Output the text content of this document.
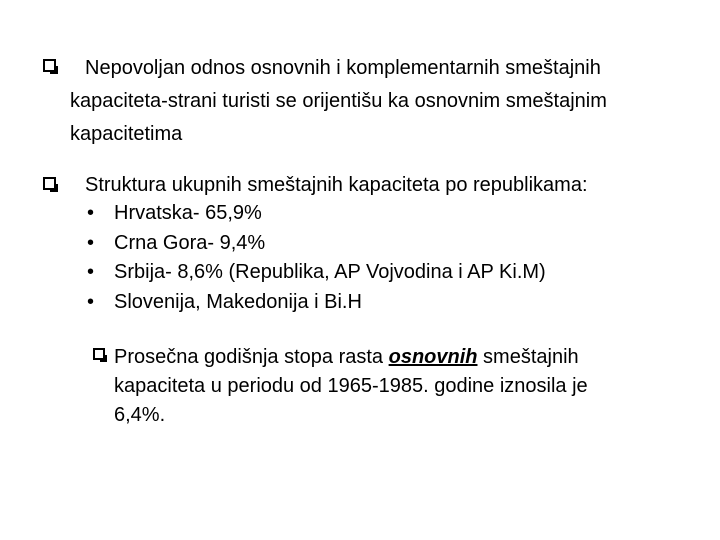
Nepovoljan odnos osnovnih i komplementarnih smeštajnih
kapaciteta-strani turisti se orijentišu ka osnovnim smeštajnim
kapacitetima
Struktura ukupnih smeštajnih kapaciteta po republikama:
• Hrvatska- 65,9%
• Crna Gora- 9,4%
• Srbija- 8,6% (Republika, AP Vojvodina i AP Ki.M)
• Slovenija, Makedonija i Bi.H
Prosečna godišnja stopa rasta osnovnih smeštajnih
kapaciteta u periodu od 1965-1985. godine iznosila je
6,4%.
